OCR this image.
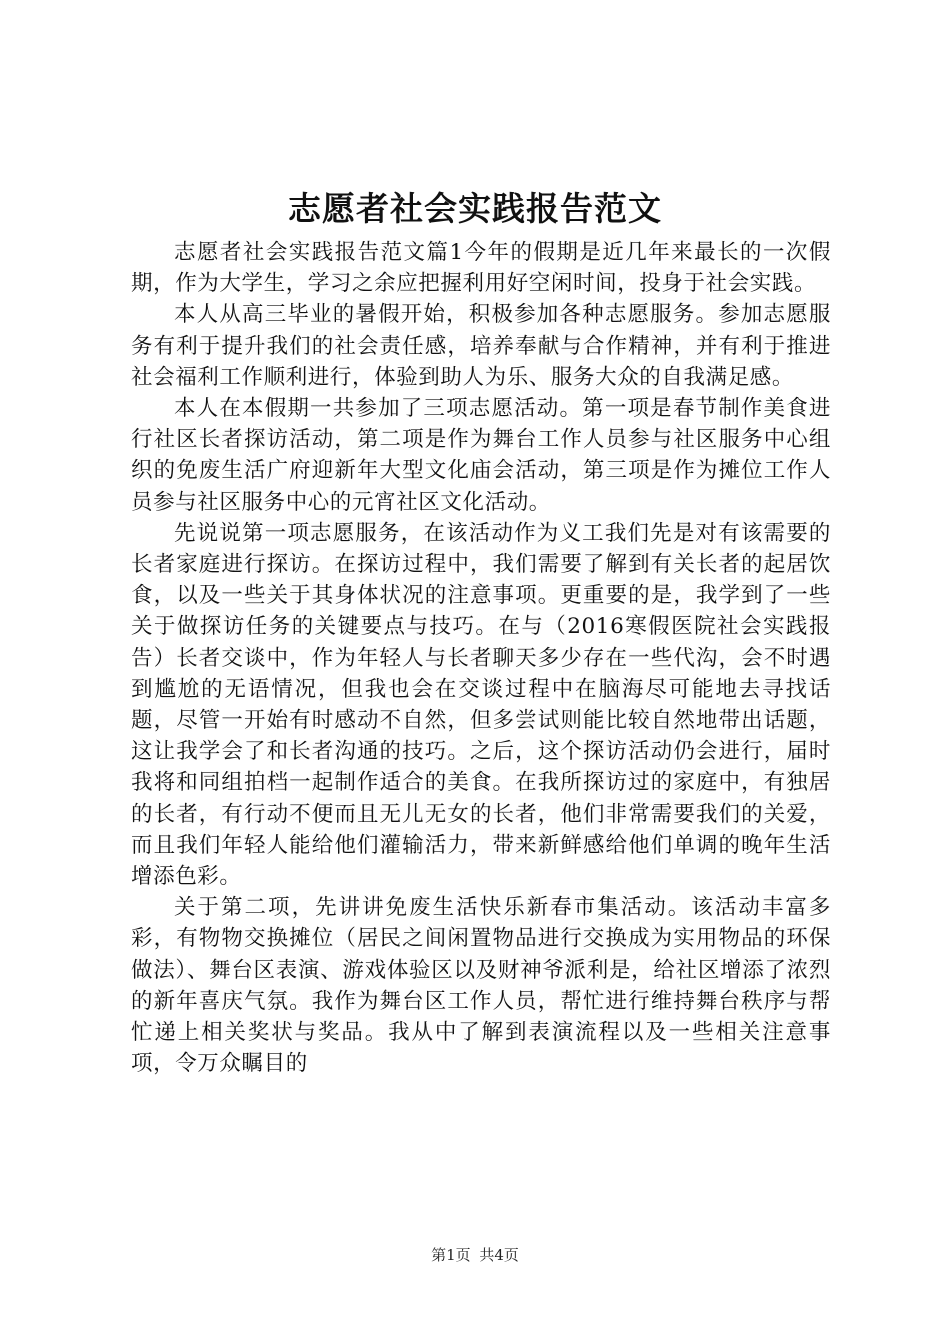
志愿者社会实践报告范文

志愿者社会实践报告范文篇1今年的假期是近几年来最长的一次假期，作为大学生，学习之余应把握利用好空闲时间，投身于社会实践。

本人从高三毕业的暑假开始，积极参加各种志愿服务。参加志愿服务有利于提升我们的社会责任感，培养奉献与合作精神，并有利于推进社会福利工作顺利进行，体验到助人为乐、服务大众的自我满足感。

本人在本假期一共参加了三项志愿活动。第一项是春节制作美食进行社区长者探访活动，第二项是作为舞台工作人员参与社区服务中心组织的免废生活广府迎新年大型文化庙会活动，第三项是作为摊位工作人员参与社区服务中心的元宵社区文化活动。

先说说第一项志愿服务，在该活动作为义工我们先是对有该需要的长者家庭进行探访。在探访过程中，我们需要了解到有关长者的起居饮食，以及一些关于其身体状况的注意事项。更重要的是，我学到了一些关于做探访任务的关键要点与技巧。在与（2016寒假医院社会实践报告）长者交谈中，作为年轻人与长者聊天多少存在一些代沟，会不时遇到尴尬的无语情况，但我也会在交谈过程中在脑海尽可能地去寻找话题，尽管一开始有时感动不自然，但多尝试则能比较自然地带出话题，这让我学会了和长者沟通的技巧。之后，这个探访活动仍会进行，届时我将和同组拍档一起制作适合的美食。在我所探访过的家庭中，有独居的长者，有行动不便而且无儿无女的长者，他们非常需要我们的关爱，而且我们年轻人能给他们灌输活力，带来新鲜感给他们单调的晚年生活增添色彩。

关于第二项，先讲讲免废生活快乐新春市集活动。该活动丰富多彩，有物物交换摊位（居民之间闲置物品进行交换成为实用物品的环保做法）、舞台区表演、游戏体验区以及财神爷派利是，给社区增添了浓烈的新年喜庆气氛。我作为舞台区工作人员，帮忙进行维持舞台秩序与帮忙递上相关奖状与奖品。我从中了解到表演流程以及一些相关注意事项，令万众瞩目的

第1页 共4页
